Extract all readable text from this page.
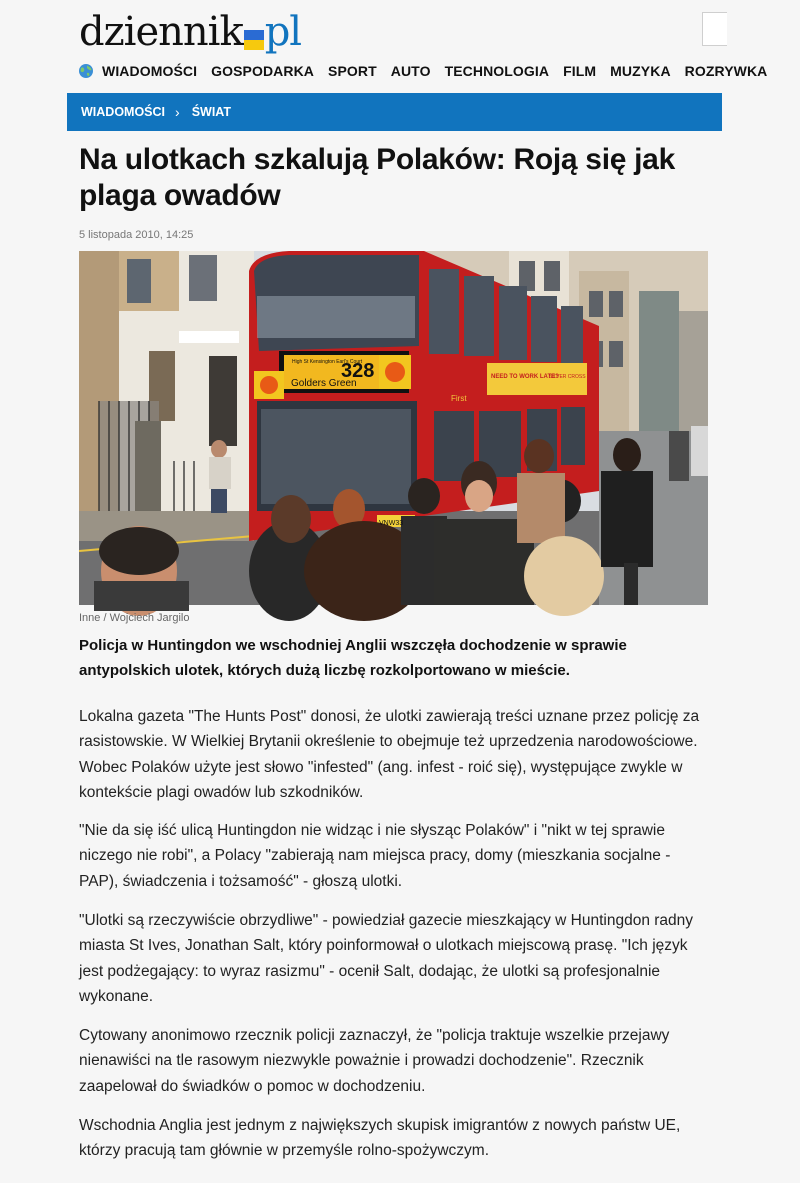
dziennik pl
WIADOMOŚCI GOSPODARKA SPORT AUTO TECHNOLOGIA FILM MUZYKA ROZRYWKA
WIADOMOŚCI › ŚWIAT
Na ulotkach szkalują Polaków: Roją się jak plaga owadów
5 listopada 2010, 14:25
328
Golders Green
High St Kensington Earl's Court
NEED TO WORK LATE?
SILVER CROSS
First
VNW33
Inne / Wojciech Jargilo

Policja w Huntingdon we wschodniej Anglii wszczęła dochodzenie w sprawie antypolskich ulotek, których dużą liczbę rozkolportowano w mieście.

Lokalna gazeta "The Hunts Post" donosi, że ulotki zawierają treści uznane przez policję za rasistowskie. W Wielkiej Brytanii określenie to obejmuje też uprzedzenia narodowościowe. Wobec Polaków użyte jest słowo "infested" (ang. infest - roić się), występujące zwykle w kontekście plagi owadów lub szkodników.

"Nie da się iść ulicą Huntingdon nie widząc i nie słysząc Polaków" i "nikt w tej sprawie niczego nie robi", a Polacy "zabierają nam miejsca pracy, domy (mieszkania socjalne - PAP), świadczenia i tożsamość" - głoszą ulotki.

"Ulotki są rzeczywiście obrzydliwe" - powiedział gazecie mieszkający w Huntingdon radny miasta St Ives, Jonathan Salt, który poinformował o ulotkach miejscową prasę. "Ich język jest podżegający: to wyraz rasizmu" - ocenił Salt, dodając, że ulotki są profesjonalnie wykonane.

Cytowany anonimowo rzecznik policji zaznaczył, że "policja traktuje wszelkie przejawy nienawiści na tle rasowym niezwykle poważnie i prowadzi dochodzenie". Rzecznik zaapelował do świadków o pomoc w dochodzeniu.

Wschodnia Anglia jest jednym z największych skupisk imigrantów z nowych państw UE, którzy pracują tam głównie w przemyśle rolno-spożywczym.
